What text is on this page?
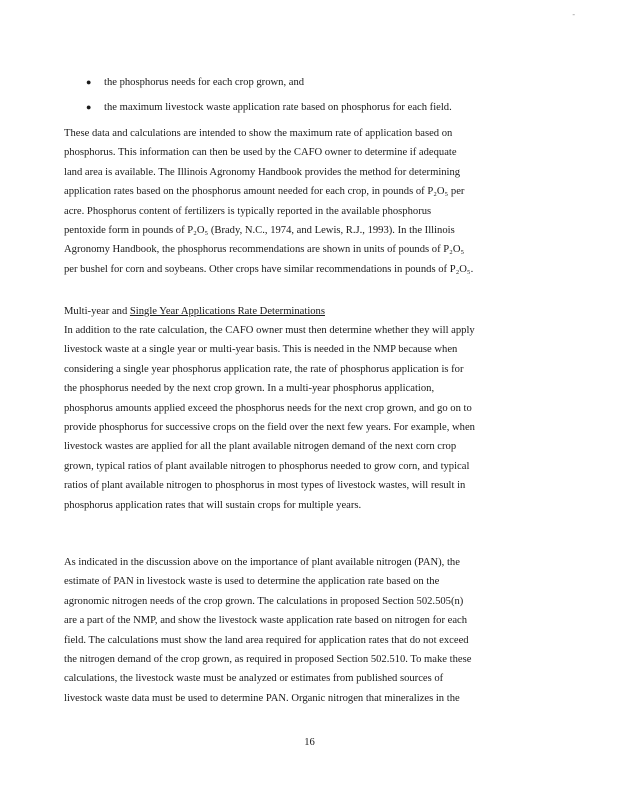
-
● the phosphorus needs for each crop grown, and
● the maximum livestock waste application rate based on phosphorus for each field.

These data and calculations are intended to show the maximum rate of application based on
phosphorus. This information can then be used by the CAFO owner to determine if adequate
land area is available. The Illinois Agronomy Handbook provides the method for determining
application rates based on the phosphorus amount needed for each crop, in pounds of P₂O₅ per
acre. Phosphorus content of fertilizers is typically reported in the available phosphorus
pentoxide form in pounds of P₂O₅ (Brady, N.C., 1974, and Lewis, R.J., 1993). In the Illinois
Agronomy Handbook, the phosphorus recommendations are shown in units of pounds of P₂O₅
per bushel for corn and soybeans. Other crops have similar recommendations in pounds of P₂O₅.

Multi-year and Single Year Applications Rate Determinations

In addition to the rate calculation, the CAFO owner must then determine whether they will apply
livestock waste at a single year or multi-year basis. This is needed in the NMP because when
considering a single year phosphorus application rate, the rate of phosphorus application is for
the phosphorus needed by the next crop grown. In a multi-year phosphorus application,
phosphorus amounts applied exceed the phosphorus needs for the next crop grown, and go on to
provide phosphorus for successive crops on the field over the next few years. For example, when
livestock wastes are applied for all the plant available nitrogen demand of the next corn crop
grown, typical ratios of plant available nitrogen to phosphorus needed to grow corn, and typical
ratios of plant available nitrogen to phosphorus in most types of livestock wastes, will result in
phosphorus application rates that will sustain crops for multiple years.

As indicated in the discussion above on the importance of plant available nitrogen (PAN), the
estimate of PAN in livestock waste is used to determine the application rate based on the
agronomic nitrogen needs of the crop grown. The calculations in proposed Section 502.505(n)
are a part of the NMP, and show the livestock waste application rate based on nitrogen for each
field. The calculations must show the land area required for application rates that do not exceed
the nitrogen demand of the crop grown, as required in proposed Section 502.510. To make these
calculations, the livestock waste must be analyzed or estimates from published sources of
livestock waste data must be used to determine PAN. Organic nitrogen that mineralizes in the

16
